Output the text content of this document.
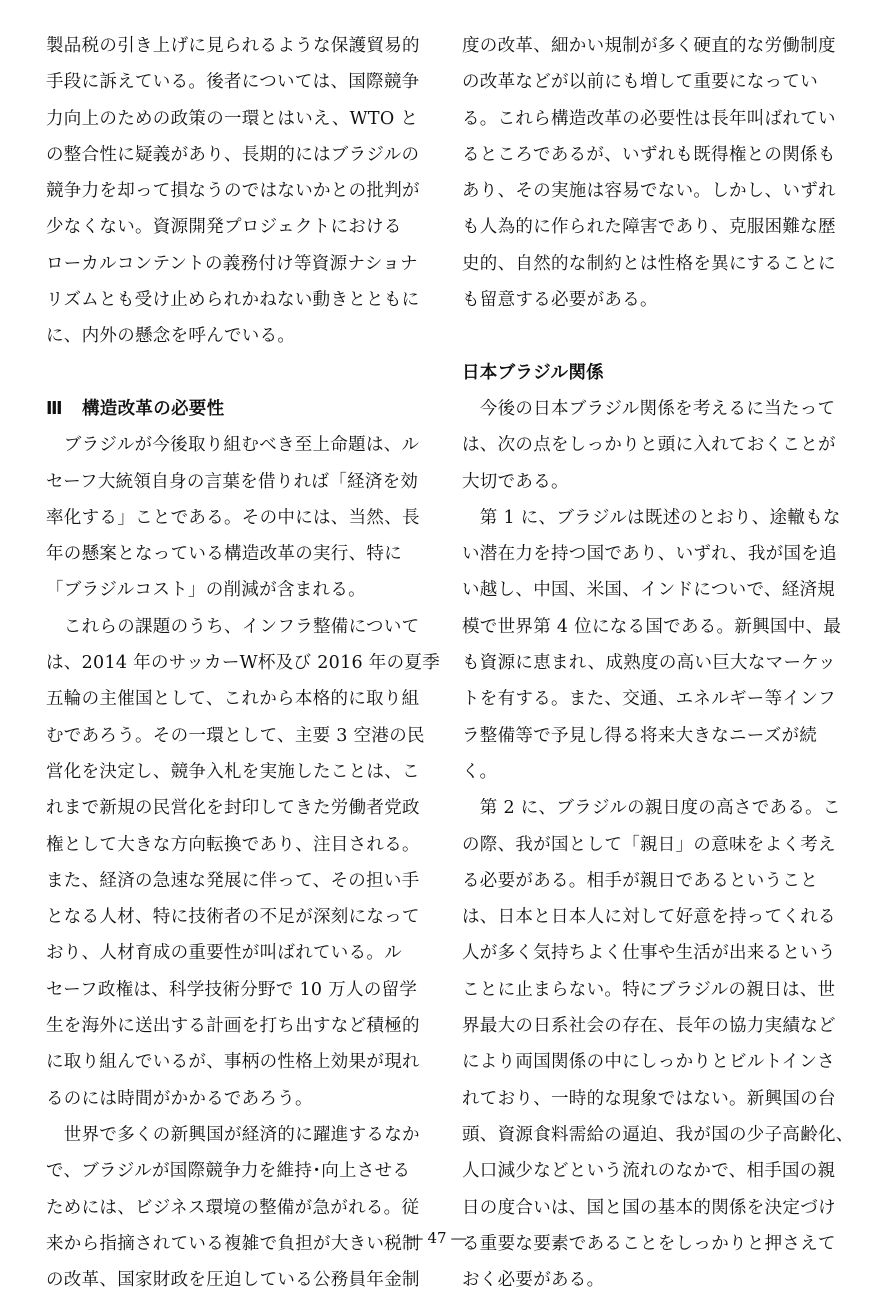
製品税の引き上げに見られるような保護貿易的
手段に訴えている。後者については、国際競争
力向上のための政策の一環とはいえ、WTO と
の整合性に疑義があり、長期的にはブラジルの
競争力を却って損なうのではないかとの批判が
少なくない。資源開発プロジェクトにおける
ローカルコンテントの義務付け等資源ナショナ
リズムとも受け止められかねない動きとともに
に、内外の懸念を呼んでいる。
Ⅲ 構造改革の必要性
　ブラジルが今後取り組むべき至上命題は、ル
セーフ大統領自身の言葉を借りれば「経済を効
率化する」ことである。その中には、当然、長
年の懸案となっている構造改革の実行、特に
「ブラジルコスト」の削減が含まれる。
　これらの課題のうち、インフラ整備について
は、2014 年のサッカーW杯及び 2016 年の夏季
五輪の主催国として、これから本格的に取り組
むであろう。その一環として、主要 3 空港の民
営化を決定し、競争入札を実施したことは、こ
れまで新規の民営化を封印してきた労働者党政
権として大きな方向転換であり、注目される。
また、経済の急速な発展に伴って、その担い手
となる人材、特に技術者の不足が深刻になって
おり、人材育成の重要性が叫ばれている。ル
セーフ政権は、科学技術分野で 10 万人の留学
生を海外に送出する計画を打ち出すなど積極的
に取り組んでいるが、事柄の性格上効果が現れ
るのには時間がかかるであろう。
　世界で多くの新興国が経済的に躍進するなか
で、ブラジルが国際競争力を維持･向上させる
ためには、ビジネス環境の整備が急がれる。従
来から指摘されている複雑で負担が大きい税制
の改革、国家財政を圧迫している公務員年金制
度の改革、細かい規制が多く硬直的な労働制度
の改革などが以前にも増して重要になってい
る。これら構造改革の必要性は長年叫ばれてい
るところであるが、いずれも既得権との関係も
あり、その実施は容易でない。しかし、いずれ
も人為的に作られた障害であり、克服困難な歴
史的、自然的な制約とは性格を異にすることに
も留意する必要がある。
日本ブラジル関係
　今後の日本ブラジル関係を考えるに当たって
は、次の点をしっかりと頭に入れておくことが
大切である。
　第 1 に、ブラジルは既述のとおり、途轍もな
い潜在力を持つ国であり、いずれ、我が国を追
い越し、中国、米国、インドについで、経済規
模で世界第 4 位になる国である。新興国中、最
も資源に恵まれ、成熟度の高い巨大なマーケッ
トを有する。また、交通、エネルギー等インフ
ラ整備等で予見し得る将来大きなニーズが続
く。
　第 2 に、ブラジルの親日度の高さである。こ
の際、我が国として「親日」の意味をよく考え
る必要がある。相手が親日であるということ
は、日本と日本人に対して好意を持ってくれる
人が多く気持ちよく仕事や生活が出来るという
ことに止まらない。特にブラジルの親日は、世
界最大の日系社会の存在、長年の協力実績など
により両国関係の中にしっかりとビルトインさ
れており、一時的な現象ではない。新興国の台
頭、資源食料需給の逼迫、我が国の少子高齢化、
人口減少などという流れのなかで、相手国の親
日の度合いは、国と国の基本的関係を決定づけ
る重要な要素であることをしっかりと押さえて
おく必要がある。
― 47 ―
